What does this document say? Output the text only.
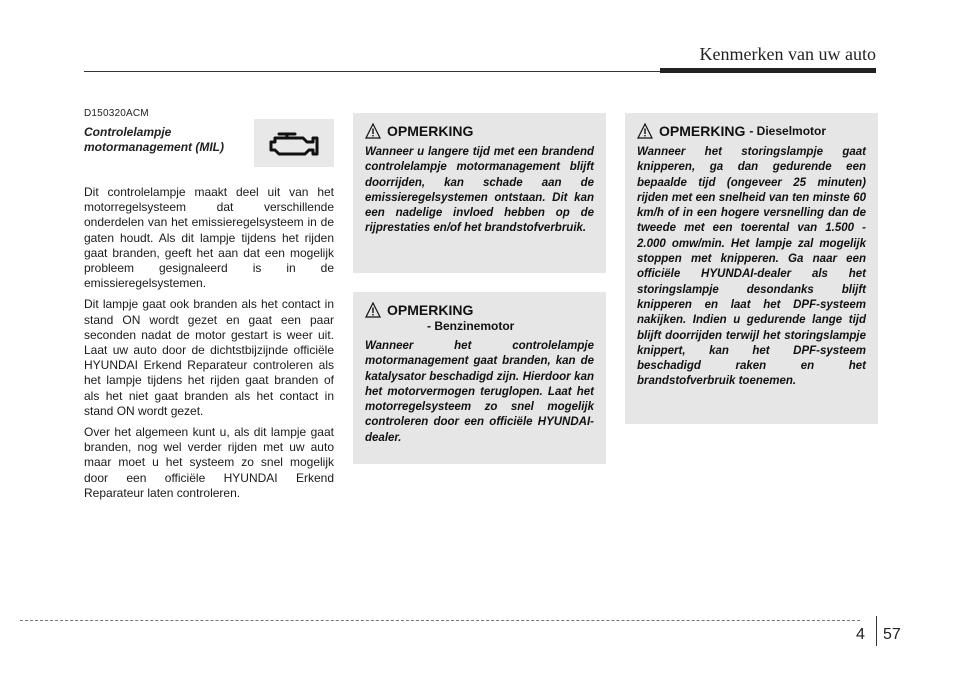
Kenmerken van uw auto
D150320ACM
Controlelampje
motormanagement (MIL)

Dit controlelampje maakt deel uit van het motorregelsysteem dat verschillende onderdelen van het emissieregelsysteem in de gaten houdt. Als dit lampje tijdens het rijden gaat branden, geeft het aan dat een mogelijk probleem gesignaleerd is in de emissieregelsystemen.

Dit lampje gaat ook branden als het contact in stand ON wordt gezet en gaat een paar seconden nadat de motor gestart is weer uit. Laat uw auto door de dichtstbijzijnde officiële HYUNDAI Erkend Reparateur controleren als het lampje tijdens het rijden gaat branden of als het niet gaat branden als het contact in stand ON wordt gezet.

Over het algemeen kunt u, als dit lampje gaat branden, nog wel verder rijden met uw auto maar moet u het systeem zo snel mogelijk door een officiële HYUNDAI Erkend Reparateur laten controleren.

OPMERKING
Wanneer u langere tijd met een brandend controlelampje motormanagement blijft doorrijden, kan schade aan de emissieregelsystemen ontstaan. Dit kan een nadelige invloed hebben op de rijprestaties en/of het brandstofverbruik.
OPMERKING
- Benzinemotor
Wanneer het controlelampje motormanagement gaat branden, kan de katalysator beschadigd zijn. Hierdoor kan het motorvermogen teruglopen. Laat het motorregelsysteem zo snel mogelijk controleren door een officiële HYUNDAI-dealer.
OPMERKING - Dieselmotor
Wanneer het storingslampje gaat knipperen, ga dan gedurende een bepaalde tijd (ongeveer 25 minuten) rijden met een snelheid van ten minste 60 km/h of in een hogere versnelling dan de tweede met een toerental van 1.500 - 2.000 omw/min. Het lampje zal mogelijk stoppen met knipperen. Ga naar een officiële HYUNDAI-dealer als het storingslampje desondanks blijft knipperen en laat het DPF-systeem nakijken. Indien u gedurende lange tijd blijft doorrijden terwijl het storingslampje knippert, kan het DPF-systeem beschadigd raken en het brandstofverbruik toenemen.
4 57
